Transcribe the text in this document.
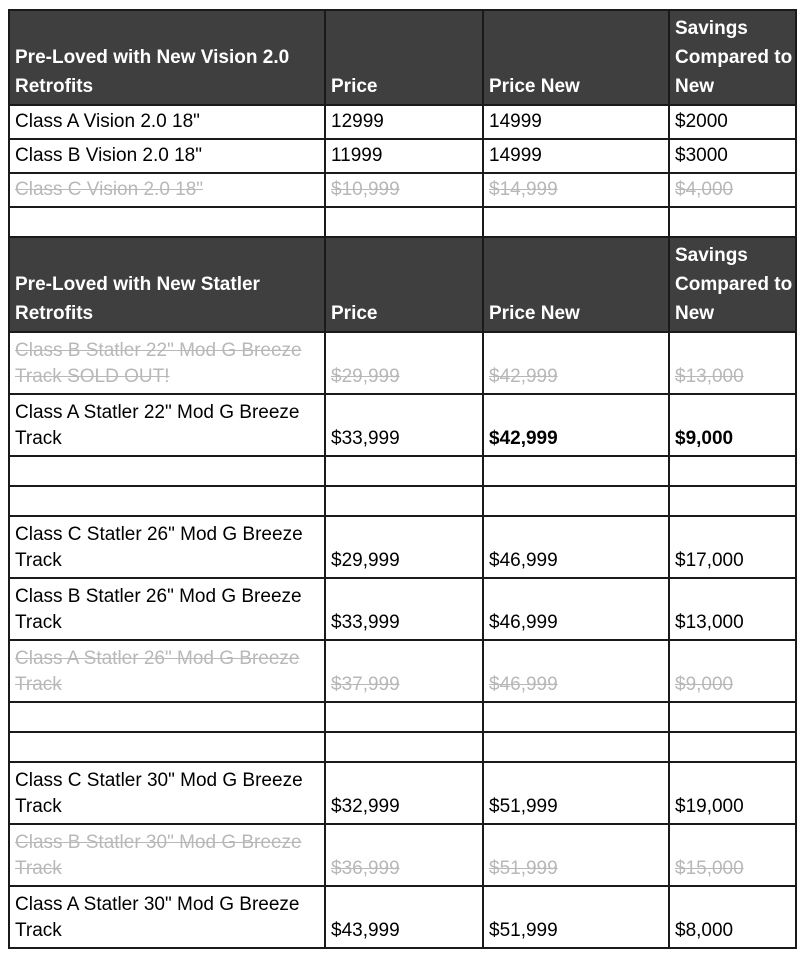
Pre-Loved with New Vision 2.0 Retrofits	Price	Price New	Savings Compared to New
Class A Vision 2.0 18"	12999	14999	$2000
Class B Vision 2.0 18"	11999	14999	$3000
Class C Vision 2.0 18"	$10,999	$14,999	$4,000

Pre-Loved with New Statler Retrofits	Price	Price New	Savings Compared to New
Class B Statler 22" Mod G Breeze Track SOLD OUT!	$29,999	$42,999	$13,000
Class A Statler 22" Mod G Breeze Track	$33,999	$42,999	$9,000

Class C Statler 26" Mod G Breeze Track	$29,999	$46,999	$17,000
Class B Statler 26" Mod G Breeze Track	$33,999	$46,999	$13,000
Class A Statler 26" Mod G Breeze Track	$37,999	$46,999	$9,000

Class C Statler 30" Mod G Breeze Track	$32,999	$51,999	$19,000
Class B Statler 30" Mod G Breeze Track	$36,999	$51,999	$15,000
Class A Statler 30" Mod G Breeze Track	$43,999	$51,999	$8,000
